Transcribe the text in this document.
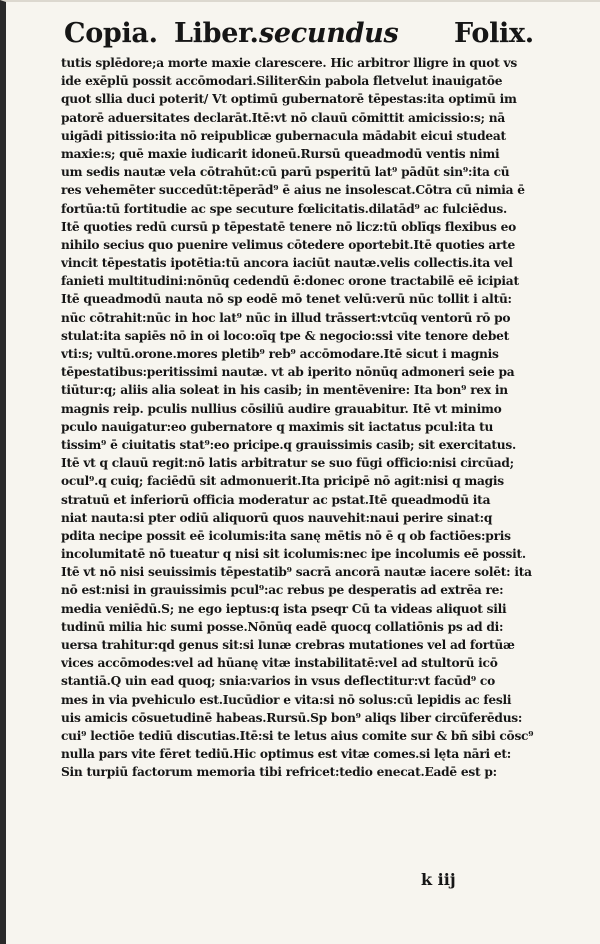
Copia. Liber. secundus Folix.
tutis splēdore;a morte maxie clarescere. Hic arbitror lligre in quot vs
ide exēplū possit accōmodari.Siliter&in pabola fletvelut inauigatōe
quot sllia duci poterit/ Vt optimū gubernatorē tēpestas:ita optimū im
patorē aduersitates declarāt.Itē:vt nō clauū cōmittit amicissio:s; nā
uigādi pitissio:ita nō reipublicæ gubernacula mādabit eicui studeat
maxie:s; quē maxie iudicarit idoneū.Rursū queadmodū ventis nimi
um sedis nautæ vela cōtrahūt:cū parū psperitū lat⁹ pādūt sin⁹:ita cū
res vehemēter succedūt:tēperād⁹ ē aius ne insolescat.Cōtra cū nimia ē
fortūa:tū fortitudie ac spe secuture fœlicitatis.dilatād⁹ ac fulciēdus.
Itē quoties redū cursū p tēpestatē tenere nō licz:tū oblīqs flexibus eo
nihilo secius quo puenire velimus cōtedere oportebit.Itē quoties arte
vincit tēpestatis ipotētia:tū ancora iaciūt nautæ.velis collectis.ita vel
fanieti multitudini:nōnūq cedendū ē:donec orone tractabilē eē icipiat
Itē queadmodū nauta nō sp eodē mō tenet velū:verū nūc tollit i altū:
nūc cōtrahit:nūc in hoc lat⁹ nūc in illud trāssert:vtcūq ventorū rō po
stulat:ita sapiēs nō in oi loco:oīq tpe & negocio:ssi vite tenore debet
vti:s; vultū.orone.mores pletib⁹ reb⁹ accōmodare.Itē sicut i magnis
tēpestatibus:peritissimi nautæ. vt ab iperito nōnūq admoneri seie pa
tiūtur:q; aliis alia soleat in his casib; in mentēvenire: Ita bon⁹ rex in
magnis reip. pculis nullius cōsiliū audire grauabitur. Itē vt minimo
pculo nauigatur:eo gubernatore q maximis sit iactatus pcul:ita tu
tissim⁹ ē ciuitatis stat⁹:eo pricipe.q grauissimis casib; sit exercitatus.
Itē vt q clauū regit:nō latis arbitratur se suo fūgi officio:nisi circūad;
ocul⁹.q cuiq; faciēdū sit admonuerit.Ita pricipē nō agit:nisi q magis
stratuū et inferiorū officia moderatur ac pstat.Itē queadmodū ita
niat nauta:si pter odiū aliquorū quos nauvehit:naui perire sinat:q
pdita necipe possit eē icolumis:ita sanę mētis nō ē q ob factiōes:pris
incolumitatē nō tueatur q nisi sit icolumis:nec ipe incolumis eē possit.
Itē vt nō nisi seuissimis tēpestatib⁹ sacrā ancorā nautæ iacere solēt: ita
nō est:nisi in grauissimis pcul⁹:ac rebus pe desperatis ad extrēa re:
media veniēdū.S; ne ego ieptus:q ista pseqr Cū ta videas aliquot sili
tudinū milia hic sumi posse.Nōnūq eadē quocq collatiōnis ps ad di:
uersa trahitur:qd genus sit:si lunæ crebras mutationes vel ad fortūæ
vices accōmodes:vel ad hūanę vitæ instabilitatē:vel ad stultorū icō
stantiā.Q uin ead quoq; snia:varios in vsus deflectitur:vt facūd⁹ co
mes in via pvehiculo est.Iucūdior e vita:si nō solus:cū lepidis ac fesli
uis amicis cōsuetudinē habeas.Rursū.Sp bon⁹ aliqs liber circūferēdus:
cui⁹ lectiōe tediū discutias.Itē:si te letus aius comite sur & bñ sibi cōsc⁹
nulla pars vite fēret tediū.Hic optimus est vitæ comes.si lęta nāri et:
Sin turpiū factorum memoria tibi refricet:tedio enecat.Eadē est p:
k iij
